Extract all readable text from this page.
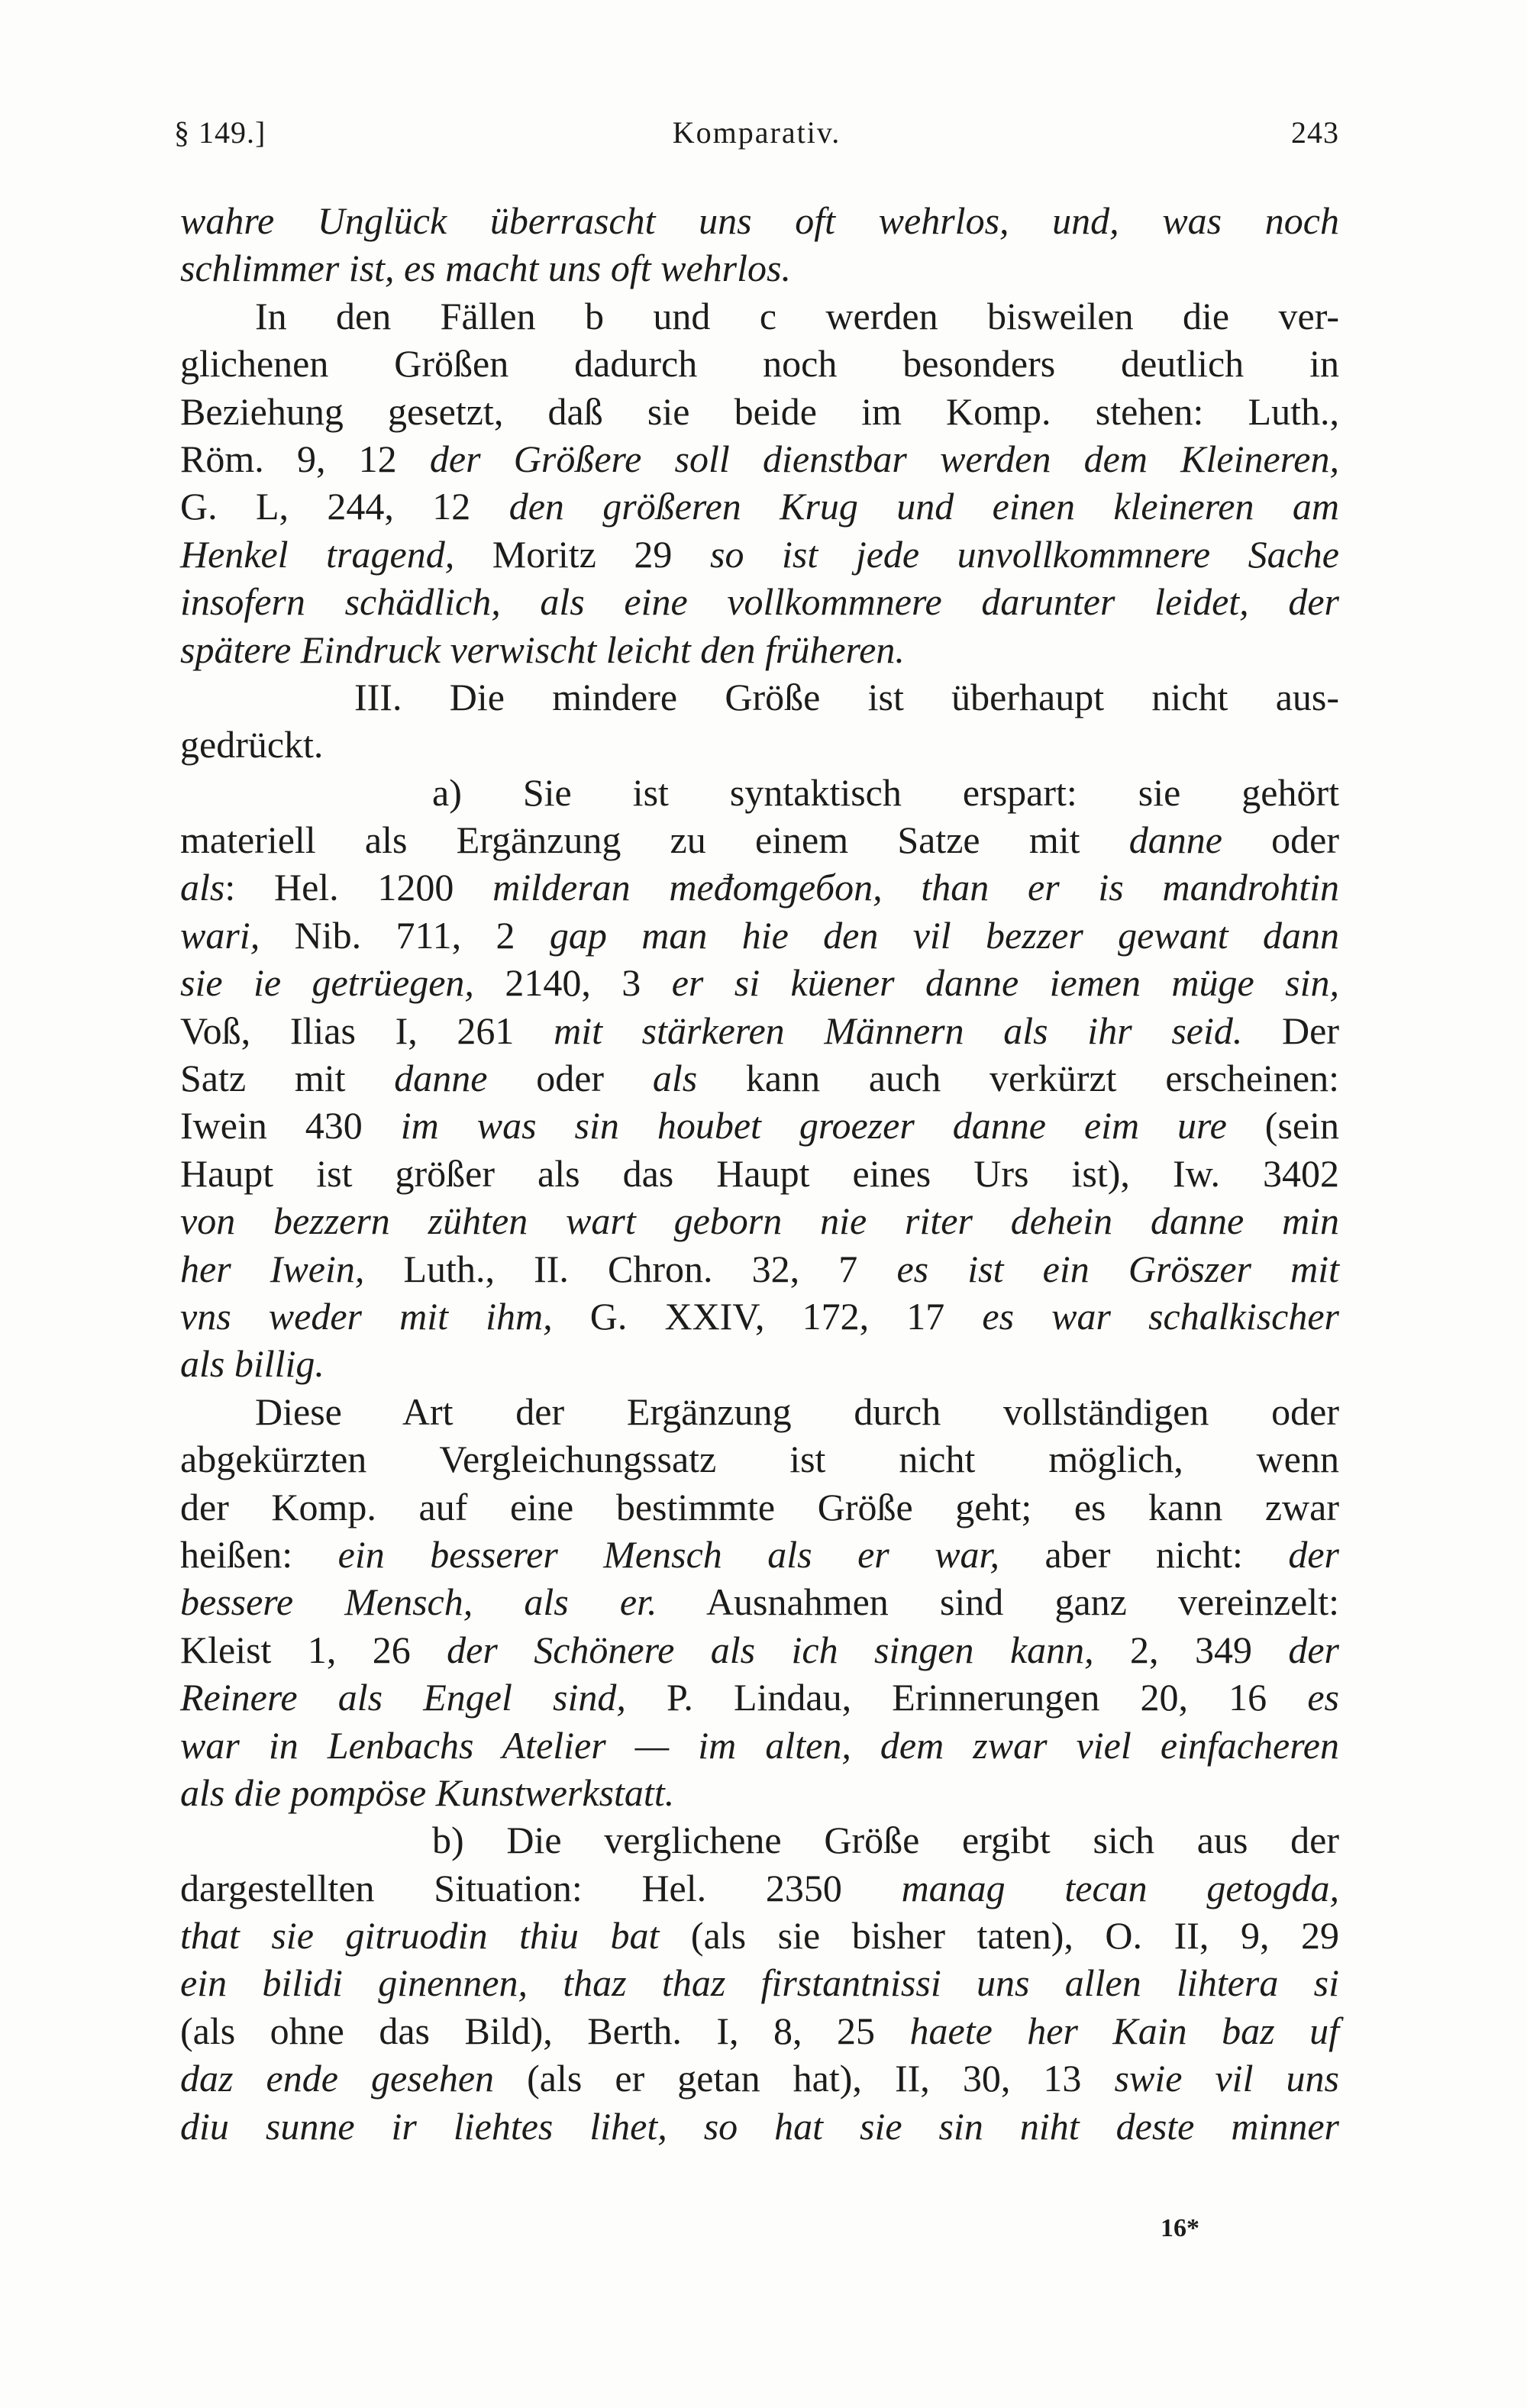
§ 149.]	Komparativ.	243
wahre Unglück überrascht uns oft wehrlos, und, was noch
schlimmer ist, es macht uns oft wehrlos.
In den Fällen b und c werden bisweilen die ver-
glichenen Größen dadurch noch besonders deutlich in
Beziehung gesetzt, daß sie beide im Komp. stehen: Luth.,
Röm. 9, 12 der Größere soll dienstbar werden dem Kleineren,
G. L, 244, 12 den größeren Krug und einen kleineren am
Henkel tragend, Moritz 29 so ist jede unvollkommnere Sache
insofern schädlich, als eine vollkommnere darunter leidet, der
spätere Eindruck verwischt leicht den früheren.
III. Die mindere Größe ist überhaupt nicht aus-
gedrückt.
a) Sie ist syntaktisch erspart: sie gehört
materiell als Ergänzung zu einem Satze mit danne oder
als: Hel. 1200 milderan međomgeбon, than er is mandrohtin
wari, Nib. 711, 2 gap man hie den vil bezzer gewant dann
sie ie getrüegen, 2140, 3 er si küener danne iemen müge sin,
Voß, Ilias I, 261 mit stärkeren Männern als ihr seid. Der
Satz mit danne oder als kann auch verkürzt erscheinen:
Iwein 430 im was sin houbet groezer danne eim ure (sein
Haupt ist größer als das Haupt eines Urs ist), Iw. 3402
von bezzern zühten wart geborn nie riter dehein danne min
her Iwein, Luth., II. Chron. 32, 7 es ist ein Gröszer mit
vns weder mit ihm, G. XXIV, 172, 17 es war schalkischer
als billig.
Diese Art der Ergänzung durch vollständigen oder
abgekürzten Vergleichungssatz ist nicht möglich, wenn
der Komp. auf eine bestimmte Größe geht; es kann zwar
heißen: ein besserer Mensch als er war, aber nicht: der
bessere Mensch, als er. Ausnahmen sind ganz vereinzelt:
Kleist 1, 26 der Schönere als ich singen kann, 2, 349 der
Reinere als Engel sind, P. Lindau, Erinnerungen 20, 16 es
war in Lenbachs Atelier — im alten, dem zwar viel einfacheren
als die pompöse Kunstwerkstatt.
b) Die verglichene Größe ergibt sich aus der
dargestellten Situation: Hel. 2350 manag tecan getogda,
that sie gitruodin thiu bat (als sie bisher taten), O. II, 9, 29
ein bilidi ginennen, thaz thaz firstantnissi uns allen lihtera si
(als ohne das Bild), Berth. I, 8, 25 haete her Kain baz uf
daz ende gesehen (als er getan hat), II, 30, 13 swie vil uns
diu sunne ir liehtes lihet, so hat sie sin niht deste minner
16*
